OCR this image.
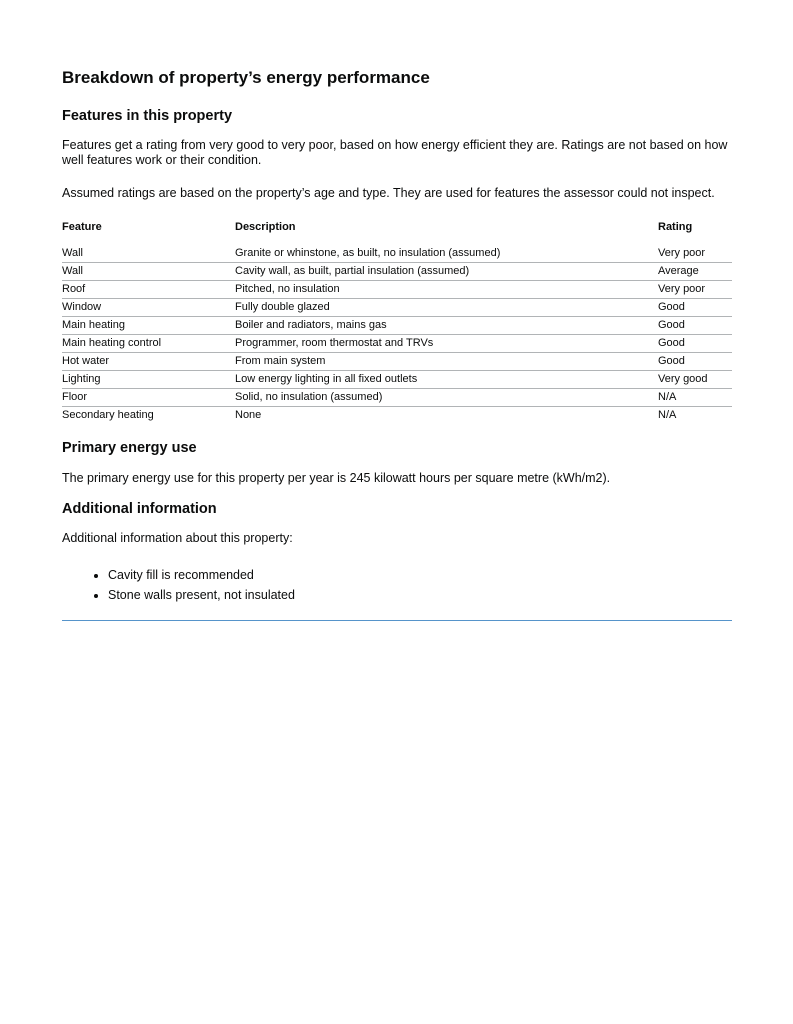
Breakdown of property’s energy performance
Features in this property

Features get a rating from very good to very poor, based on how energy efficient they are. Ratings are not based on how well features work or their condition.

Assumed ratings are based on the property’s age and type. They are used for features the assessor could not inspect.

Feature	Description	Rating
Wall	Granite or whinstone, as built, no insulation (assumed)	Very poor
Wall	Cavity wall, as built, partial insulation (assumed)	Average
Roof	Pitched, no insulation	Very poor
Window	Fully double glazed	Good
Main heating	Boiler and radiators, mains gas	Good
Main heating control	Programmer, room thermostat and TRVs	Good
Hot water	From main system	Good
Lighting	Low energy lighting in all fixed outlets	Very good
Floor	Solid, no insulation (assumed)	N/A
Secondary heating	None	N/A
Primary energy use

The primary energy use for this property per year is 245 kilowatt hours per square metre (kWh/m2).

Additional information

Additional information about this property:

• Cavity fill is recommended
• Stone walls present, not insulated
